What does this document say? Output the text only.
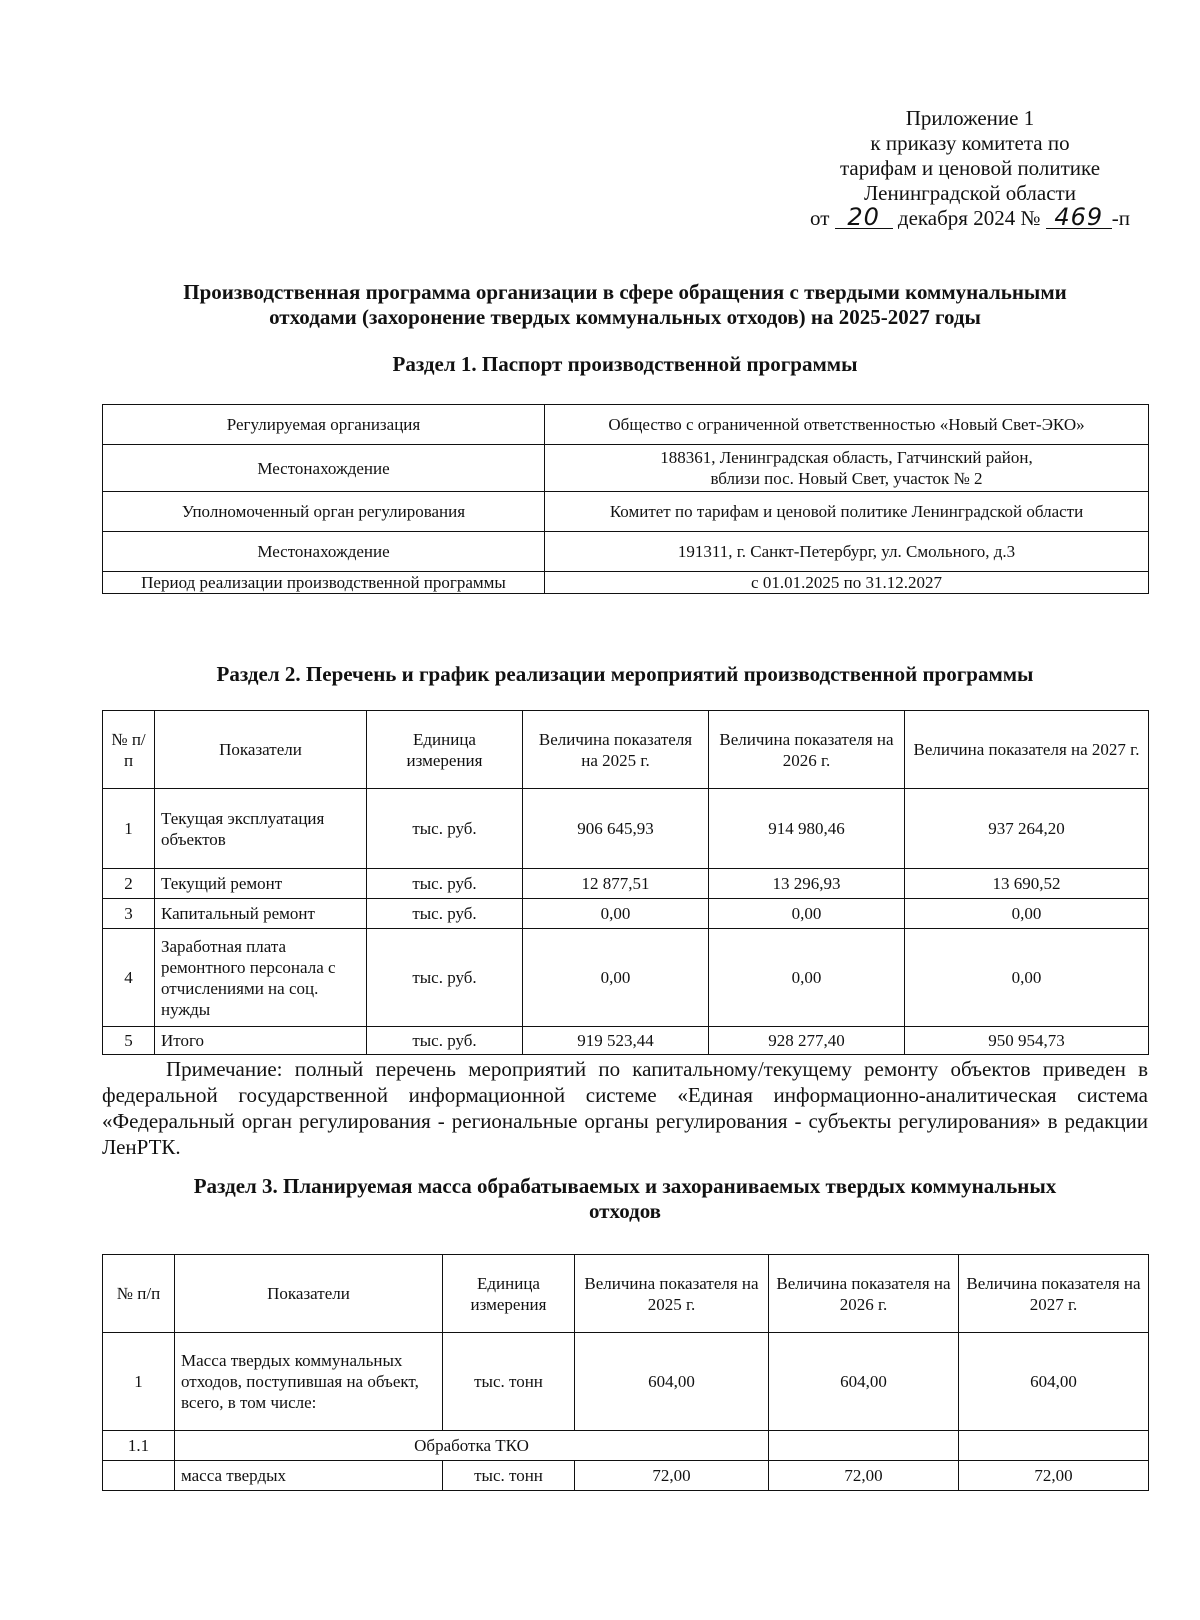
Приложение 1
к приказу комитета по
тарифам и ценовой политике
Ленинградской области
от 20 декабря 2024 № 469 -п
Производственная программа организации в сфере обращения с твердыми коммунальными
отходами (захоронение твердых коммунальных отходов) на 2025-2027 годы
Раздел 1. Паспорт производственной программы
Регулируемая организация	Общество с ограниченной ответственностью «Новый Свет-ЭКО»
Местонахождение	188361, Ленинградская область, Гатчинский район,
вблизи пос. Новый Свет, участок № 2

Уполномоченный орган регулирования	Комитет по тарифам и ценовой политике Ленинградской области
Местонахождение	191311, г. Санкт-Петербург, ул. Смольного, д.3
Период реализации производственной программы	с 01.01.2025 по 31.12.2027
Раздел 2. Перечень и график реализации мероприятий производственной программы
№ п/п	Показатели	Единица измерения	Величина показателя на 2025 г.	Величина показателя на 2026 г.	Величина показателя на 2027 г.
1	Текущая эксплуатация объектов	тыс. руб.	906 645,93	914 980,46	937 264,20
2	Текущий ремонт	тыс. руб.	12 877,51	13 296,93	13 690,52
3	Капитальный ремонт	тыс. руб.	0,00	0,00	0,00
4	Заработная плата ремонтного персонала с отчислениями на соц. нужды	тыс. руб.	0,00	0,00	0,00
5	Итого	тыс. руб.	919 523,44	928 277,40	950 954,73
Примечание: полный перечень мероприятий по капитальному/текущему ремонту объектов приведен в федеральной государственной информационной системе «Единая информационно-аналитическая система «Федеральный орган регулирования - региональные органы регулирования - субъекты регулирования» в редакции ЛенРТК.
Раздел 3. Планируемая масса обрабатываемых и захораниваемых твердых коммунальных
отходов
№ п/п	Показатели	Единица измерения	Величина показателя на 2025 г.	Величина показателя на 2026 г.	Величина показателя на 2027 г.
1	Масса твердых коммунальных отходов, поступившая на объект, всего, в том числе:	тыс. тонн	604,00	604,00	604,00
1.1	Обработка ТКО				
	масса твердых	тыс. тонн	72,00	72,00	72,00
